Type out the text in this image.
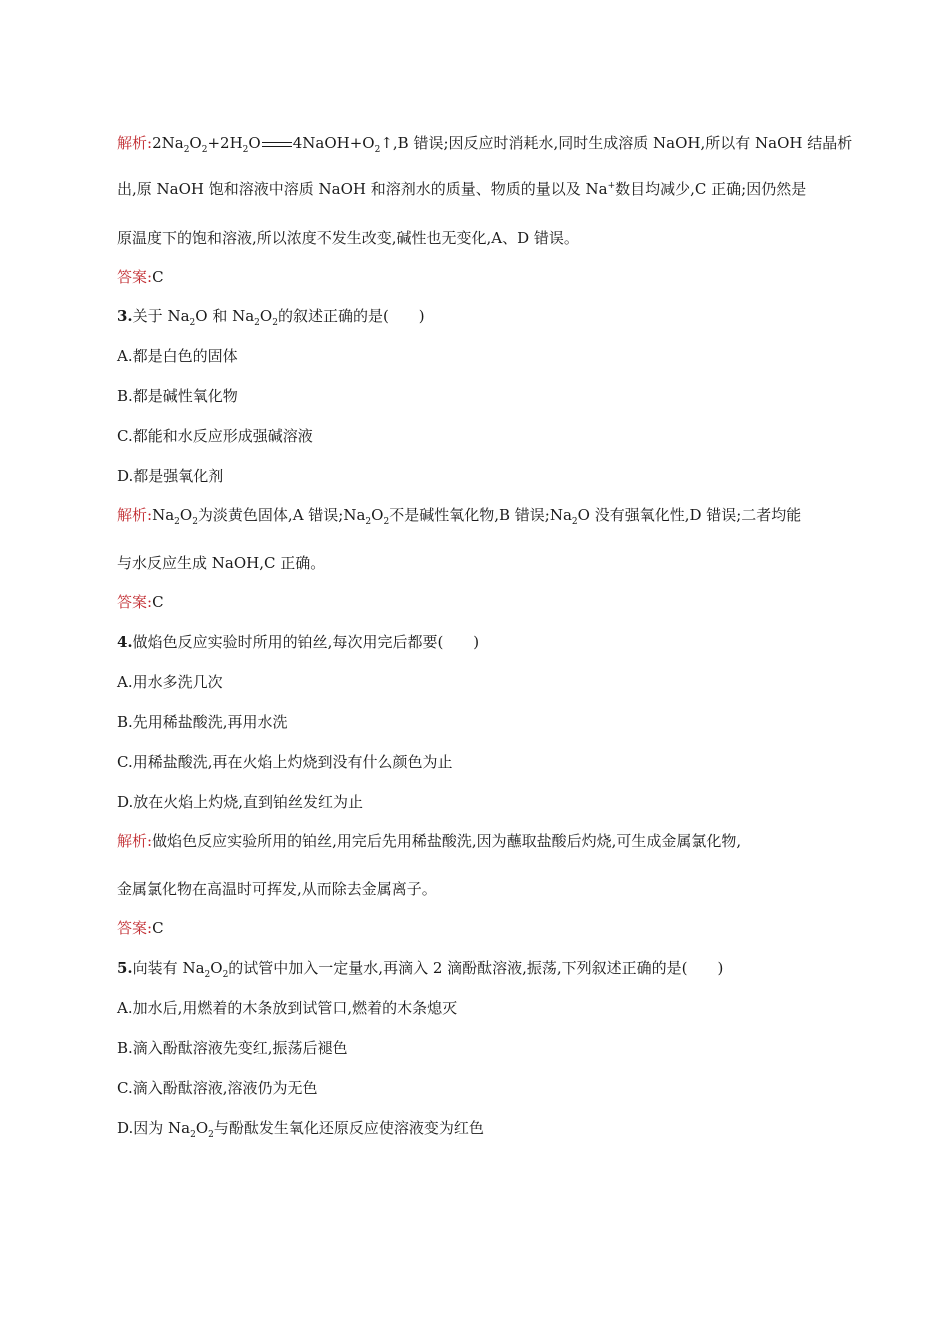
解析$:2Na_2O_2+2H_2O$ $4NaOH+O_2↑,B$ 错误;因反应时消耗水,同时生成溶质 NaOH,所以有 NaOH 结晶析
出,原 NaOH 饱和溶液中溶质 NaOH 和溶剂水的质量、物质的量以及 Na+数目均减少,C 正确;因仍然是
原温度下的饱和溶液,所以浓度不发生改变,碱性也无变化,A、D 错误。
答案:C
3.关于 $Na_2O$ 和 $Na_2O_2$的叙述正确的是(　　)
A.都是白色的固体
B.都是碱性氧化物
C.都能和水反应形成强碱溶液
D.都是强氧化剂
解析$:Na_2O_2$为淡黄色固体,A 错误$;Na_2O_2$不是碱性氧化物,B 错误$;Na_2O$ 没有强氧化性,D 错误;二者均能
与水反应生成 NaOH,C 正确。
答案:C
4.做焰色反应实验时所用的铂丝,每次用完后都要(　　)
A.用水多洗几次
B.先用稀盐酸洗,再用水洗
C.用稀盐酸洗,再在火焰上灼烧到没有什么颜色为止
D.放在火焰上灼烧,直到铂丝发红为止
解析:做焰色反应实验所用的铂丝,用完后先用稀盐酸洗,因为蘸取盐酸后灼烧,可生成金属氯化物,
金属氯化物在高温时可挥发,从而除去金属离子。
答案:C
5.向装有 $Na_2O_2$的试管中加入一定量水,再滴入 2 滴酚酞溶液,振荡,下列叙述正确的是(　　)
A.加水后,用燃着的木条放到试管口,燃着的木条熄灭
B.滴入酚酞溶液先变红,振荡后褪色
C.滴入酚酞溶液,溶液仍为无色
D.因为 $Na_2O_2$与酚酞发生氧化还原反应使溶液变为红色
